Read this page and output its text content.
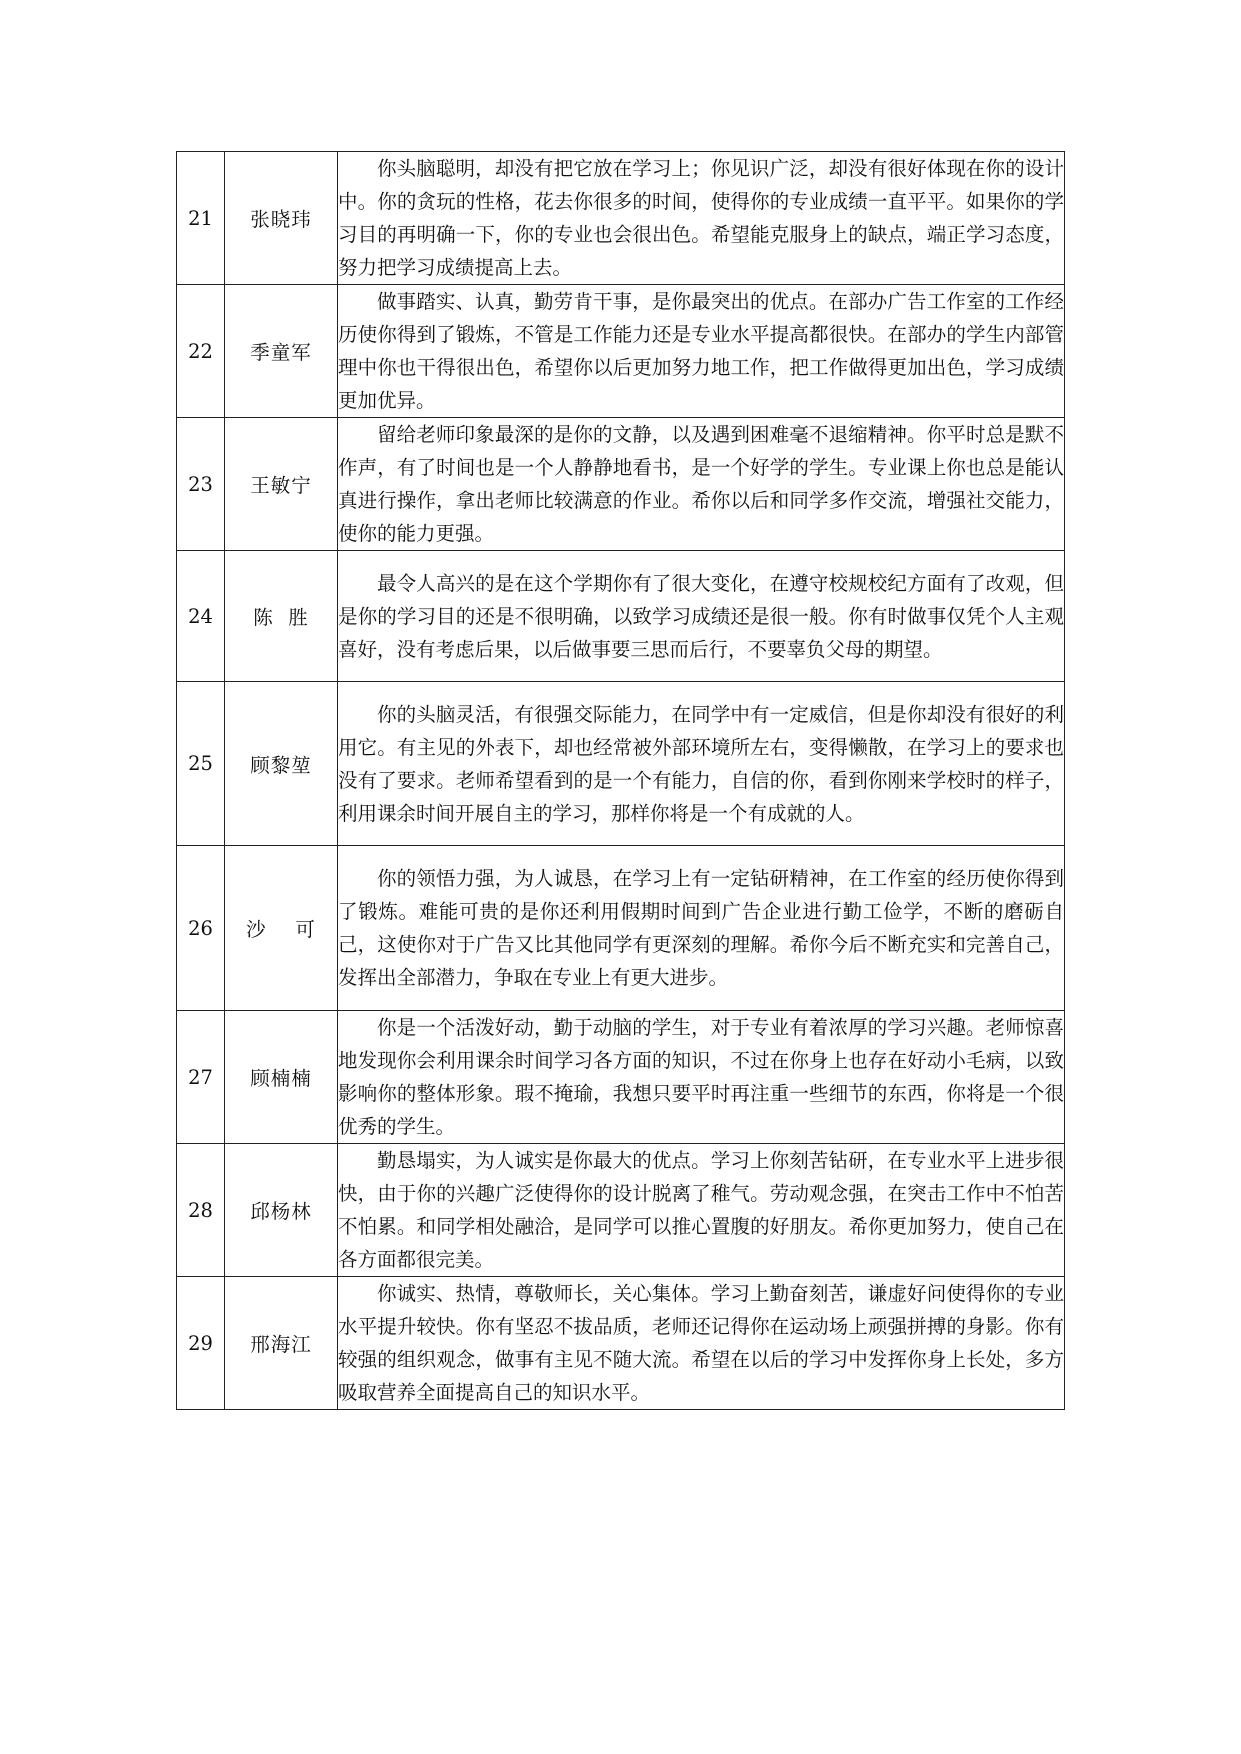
21	张晓玮	你头脑聪明，却没有把它放在学习上；你见识广泛，却没有很好体现在你的设计中。你的贪玩的性格，花去你很多的时间，使得你的专业成绩一直平平。如果你的学习目的再明确一下，你的专业也会很出色。希望能克服身上的缺点，端正学习态度，努力把学习成绩提高上去。
22	季童军	做事踏实、认真，勤劳肯干事，是你最突出的优点。在部办广告工作室的工作经历使你得到了锻炼，不管是工作能力还是专业水平提高都很快。在部办的学生内部管理中你也干得很出色，希望你以后更加努力地工作，把工作做得更加出色，学习成绩更加优异。
23	王敏宁	留给老师印象最深的是你的文静，以及遇到困难毫不退缩精神。你平时总是默不作声，有了时间也是一个人静静地看书，是一个好学的学生。专业课上你也总是能认真进行操作，拿出老师比较满意的作业。希你以后和同学多作交流，增强社交能力，使你的能力更强。
24	陈  胜	最令人高兴的是在这个学期你有了很大变化，在遵守校规校纪方面有了改观，但是你的学习目的还是不很明确，以致学习成绩还是很一般。你有时做事仅凭个人主观喜好，没有考虑后果，以后做事要三思而后行，不要辜负父母的期望。
25	顾黎堃	你的头脑灵活，有很强交际能力，在同学中有一定威信，但是你却没有很好的利用它。有主见的外表下，却也经常被外部环境所左右，变得懒散，在学习上的要求也没有了要求。老师希望看到的是一个有能力，自信的你，看到你刚来学校时的样子，利用课余时间开展自主的学习，那样你将是一个有成就的人。
26	沙    可	你的领悟力强，为人诚恳，在学习上有一定钻研精神，在工作室的经历使你得到了锻炼。难能可贵的是你还利用假期时间到广告企业进行勤工俭学，不断的磨砺自己，这使你对于广告又比其他同学有更深刻的理解。希你今后不断充实和完善自己，发挥出全部潜力，争取在专业上有更大进步。
27	顾楠楠	你是一个活泼好动，勤于动脑的学生，对于专业有着浓厚的学习兴趣。老师惊喜地发现你会利用课余时间学习各方面的知识，不过在你身上也存在好动小毛病，以致影响你的整体形象。瑕不掩瑜，我想只要平时再注重一些细节的东西，你将是一个很优秀的学生。
28	邱杨林	勤恳塌实，为人诚实是你最大的优点。学习上你刻苦钻研，在专业水平上进步很快，由于你的兴趣广泛使得你的设计脱离了稚气。劳动观念强，在突击工作中不怕苦不怕累。和同学相处融洽，是同学可以推心置腹的好朋友。希你更加努力，使自己在各方面都很完美。
29	邢海江	你诚实、热情，尊敬师长，关心集体。学习上勤奋刻苦，谦虚好问使得你的专业水平提升较快。你有坚忍不拔品质，老师还记得你在运动场上顽强拼搏的身影。你有较强的组织观念，做事有主见不随大流。希望在以后的学习中发挥你身上长处，多方吸取营养全面提高自己的知识水平。
